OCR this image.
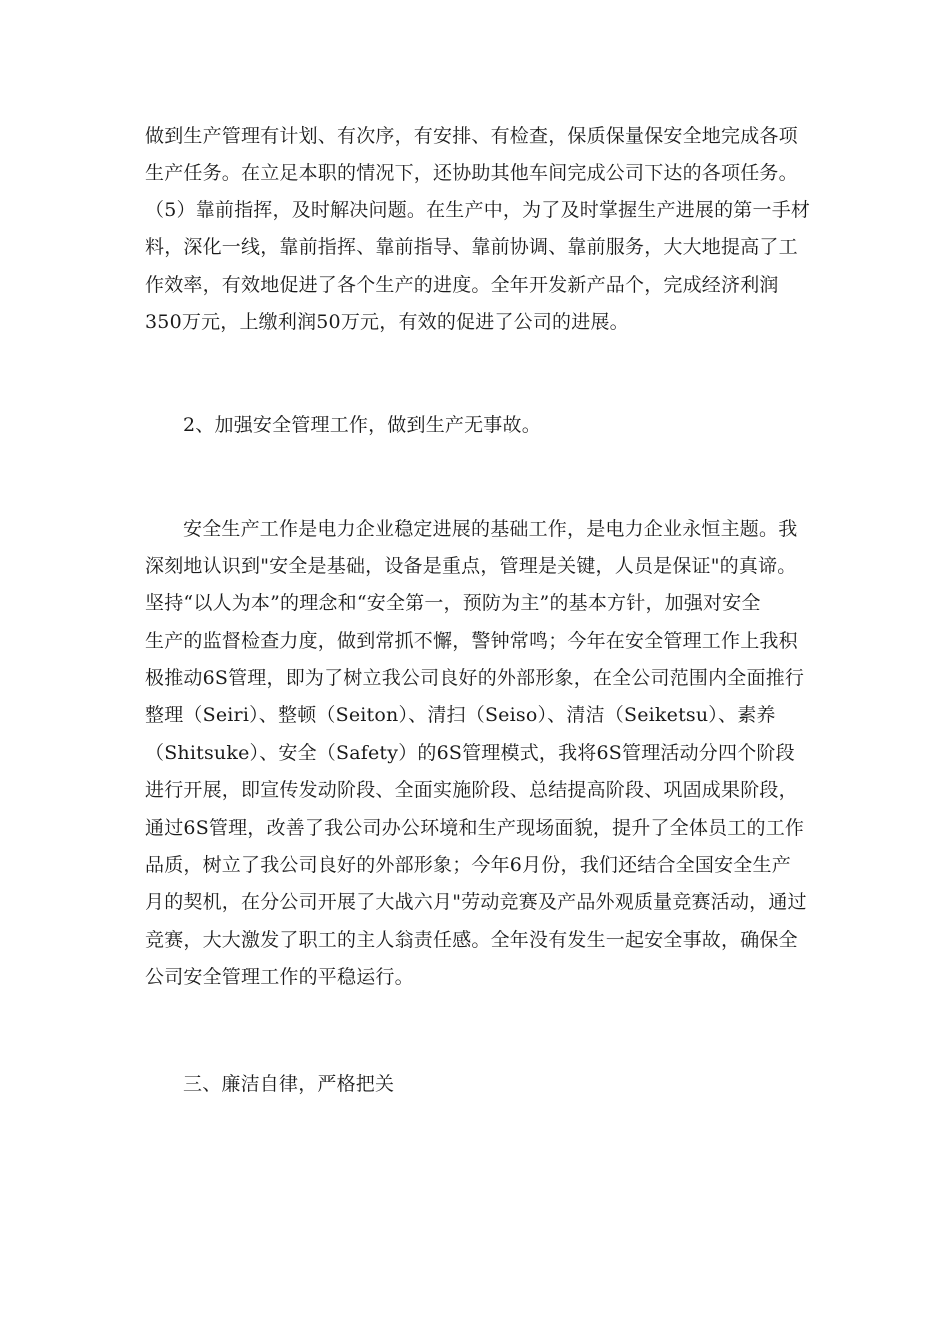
做到生产管理有计划、有次序，有安排、有检查，保质保量保安全地完成各项
生产任务。在立足本职的情况下，还协助其他车间完成公司下达的各项任务。
（5）靠前指挥，及时解决问题。在生产中，为了及时掌握生产进展的第一手材
料，深化一线，靠前指挥、靠前指导、靠前协调、靠前服务，大大地提高了工
作效率，有效地促进了各个生产的进度。全年开发新产品个，完成经济利润
350万元，上缴利润50万元，有效的促进了公司的进展。
2、加强安全管理工作，做到生产无事故。
安全生产工作是电力企业稳定进展的基础工作，是电力企业永恒主题。我
深刻地认识到"安全是基础，设备是重点，管理是关键，人员是保证"的真谛。
坚持“以人为本”的理念和“安全第一，预防为主”的基本方针，加强对安全
生产的监督检查力度，做到常抓不懈，警钟常鸣；今年在安全管理工作上我积
极推动6S管理，即为了树立我公司良好的外部形象，在全公司范围内全面推行
整理（Seiri）、整顿（Seiton）、清扫（Seiso）、清洁（Seiketsu）、素养
（Shitsuke）、安全（Safety）的6S管理模式，我将6S管理活动分四个阶段
进行开展，即宣传发动阶段、全面实施阶段、总结提高阶段、巩固成果阶段，
通过6S管理，改善了我公司办公环境和生产现场面貌，提升了全体员工的工作
品质，树立了我公司良好的外部形象；今年6月份，我们还结合全国安全生产
月的契机，在分公司开展了大战六月"劳动竞赛及产品外观质量竞赛活动，通过
竞赛，大大激发了职工的主人翁责任感。全年没有发生一起安全事故，确保全
公司安全管理工作的平稳运行。
三、廉洁自律，严格把关
